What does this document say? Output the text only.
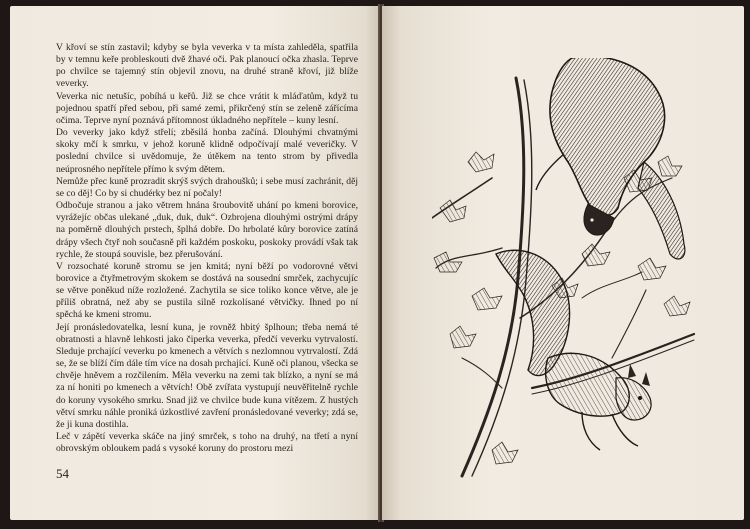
V křoví se stín zastavil; kdyby se byla veverka v ta místa zahleděla, spatřila by v temnu keře probleskouti dvě žhavé oči. Pak planoucí očka zhasla. Teprve po chvilce se tajemný stín objevil znovu, na druhé straně křoví, již blíže veverky.

Veverka nic netušíc, pobíhá u keřů. Již se chce vrátit k mláďatům, když tu pojednou spatří před sebou, při samé zemi, přikrčený stín se zeleně zářícíma očima. Teprve nyní poznává přítomnost úkladného nepřítele – kuny lesní.

Do veverky jako když střelí; zběsilá honba začíná. Dlouhými chvatnými skoky mčí k smrku, v jehož koruně klidně odpočívají malé veveričky. V poslední chvilce si uvědomuje, že útěkem na tento strom by přivedla neúprosného nepřítele přímo k svým dětem.

Nemůže přec kuně prozradit skrýš svých drahoušků; i sebe musí zachránit, děj se co děj! Co by si chudérky bez ní počaly!

Odbočuje stranou a jako větrem hnána šroubovitě uhání po kmeni borovice, vyrážejíc občas ulekané „duk, duk, duk“. Ozbrojena dlouhými ostrými drápy na poměrně dlouhých prstech, šplhá dobře. Do hrbolaté kůry borovice zatíná drápy všech čtyř noh současně při každém poskoku, poskoky provádí však tak rychle, že stoupá souvisle, bez přerušování.

V rozsochaté koruně stromu se jen kmitá; nyní běží po vodorovné větvi borovice a čtyřmetrovým skokem se dostává na sousední smrček, zachycujíc se větve poněkud níže rozložené. Zachytila se sice tolikо konce větve, ale je příliš obratná, než aby se pustila silně rozkolísané větvičky. Ihned po ní spěchá ke kmeni stromu.

Její pronásledovatelka, lesní kuna, je rovněž hbitý šplhoun; třeba nemá té obratnosti a hlavně lehkosti jako čiperka veverka, předčí veverku vytrvalostí. Sleduje prchající veverku po kmenech a větvích s nezlomnou vytrvalostí. Zdá se, že se blíží čím dále tím více na dosah prchající. Kuně oči planou, všecka se chvěje hněvem a rozčilením. Měla veverku na zemi tak blízko, a nyní se má za ní honiti po kmenech a větvích! Obě zvířata vystupují neuvěřitelně rychle do koruny vysokého smrku. Snad již ve chvilce bude kuna vítězem. Z hustých větví smrku náhle proniká úzkostlivé zavření pronásledované veverky; zdá se, že ji kuna dostihla.

Leč v zápětí veverka skáče na jiný smrček, s toho na druhý, na třetí a nyní obrovským obloukem padá s vysoké koruny do prostoru mezi

54
